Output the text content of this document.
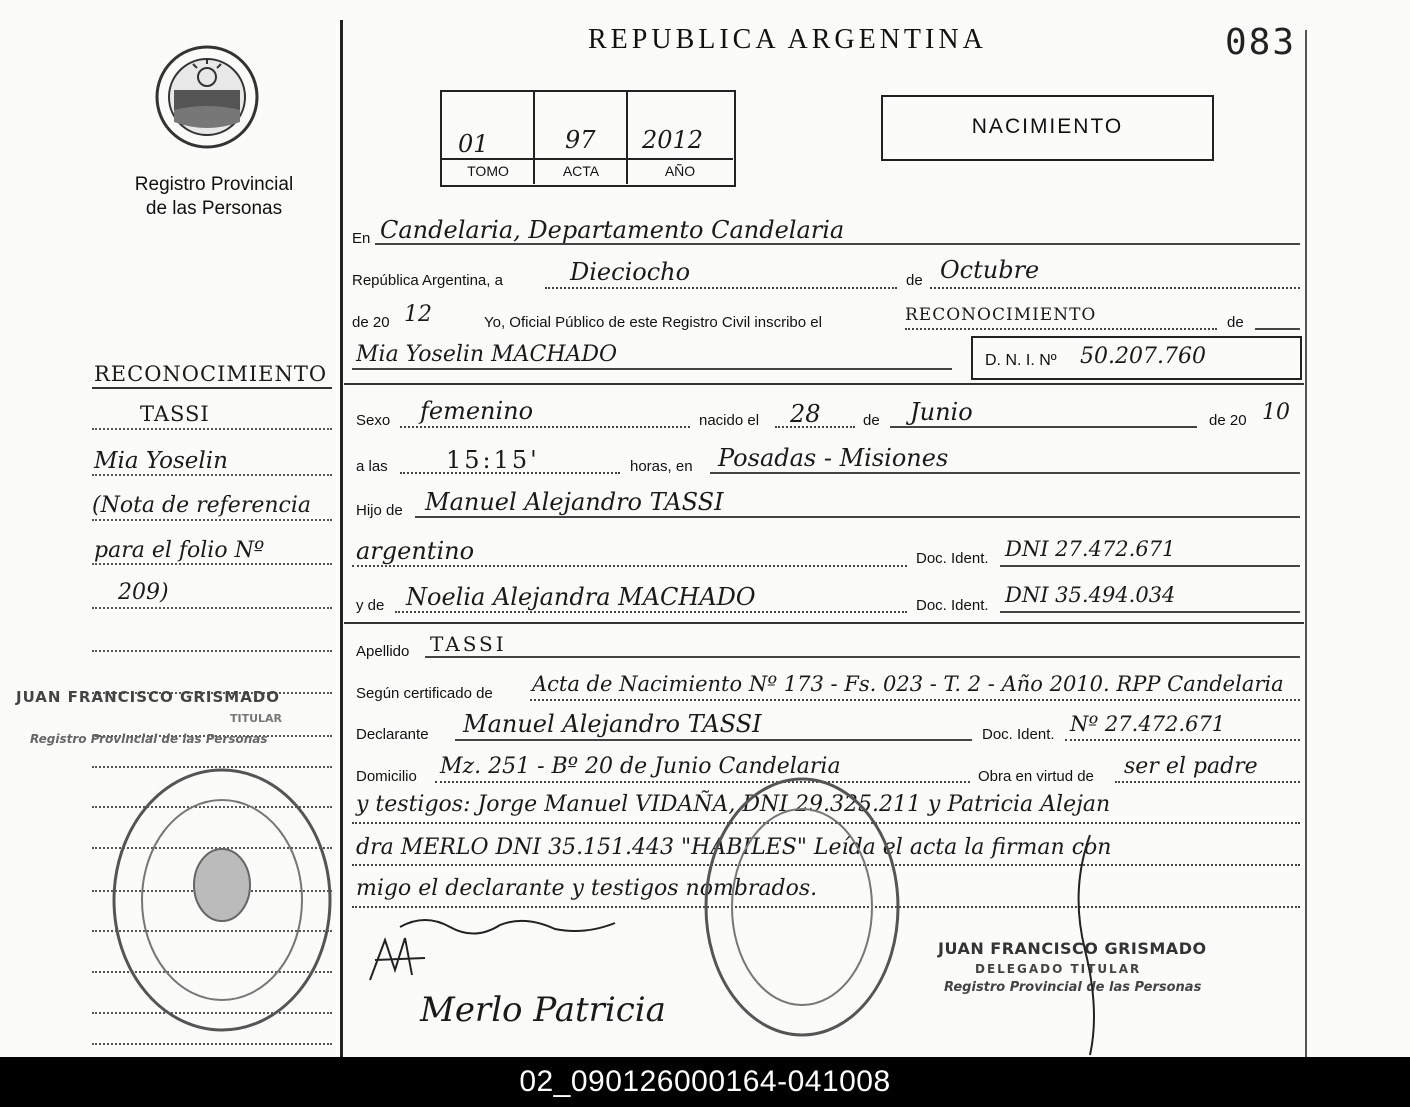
REPUBLICA ARGENTINA	083
Registro Provincial
de las Personas
01	97 2012
TOMO	ACTA	AÑO
NACIMIENTO
RECONOCIMIENTO
TASSI
Mia Yoselin
(Nota de referencia
para el folio Nº
209)
JUAN FRANCISCO GRISMADO
TITULAR
Registro Provincial de las Personas
En Candelaria, Departamento Candelaria
República Argentina, a	Dieciocho	de Octubre
de 20 12	Yo, Oficial Público de este Registro Civil inscribo el	RECONOCIMIENTO	de
Mia Yoselin MACHADO	D. N. I. Nº 50.207.760
Sexo femenino	nacido el 28	de Junio	de 20 10
a las 15:15'	horas, en Posadas - Misiones
Hijo de Manuel Alejandro TASSI
argentino	Doc. Ident. DNI 27.472.671
y de Noelia Alejandra MACHADO	Doc. Ident. DNI 35.494.034
Apellido TASSI
Según certificado de Acta de Nacimiento Nº 173 - Fs. 023 - T. 2 - Año 2010. RPP Candelaria
Declarante Manuel Alejandro TASSI	Doc. Ident. Nº 27.472.671
Domicilio Mz. 251 - Bº 20 de Junio Candelaria	Obra en virtud de ser el padre
y testigos: Jorge Manuel VIDAÑA, DNI 29.325.211 y Patricia Alejan
dra MERLO DNI 35.151.443 "HABILES" Leída el acta la firman con
migo el declarante y testigos nombrados.
JUAN FRANCISCO GRISMADO
DELEGADO TITULAR
Registro Provincial de las Personas
Merlo Patricia
02_090126000164-041008
